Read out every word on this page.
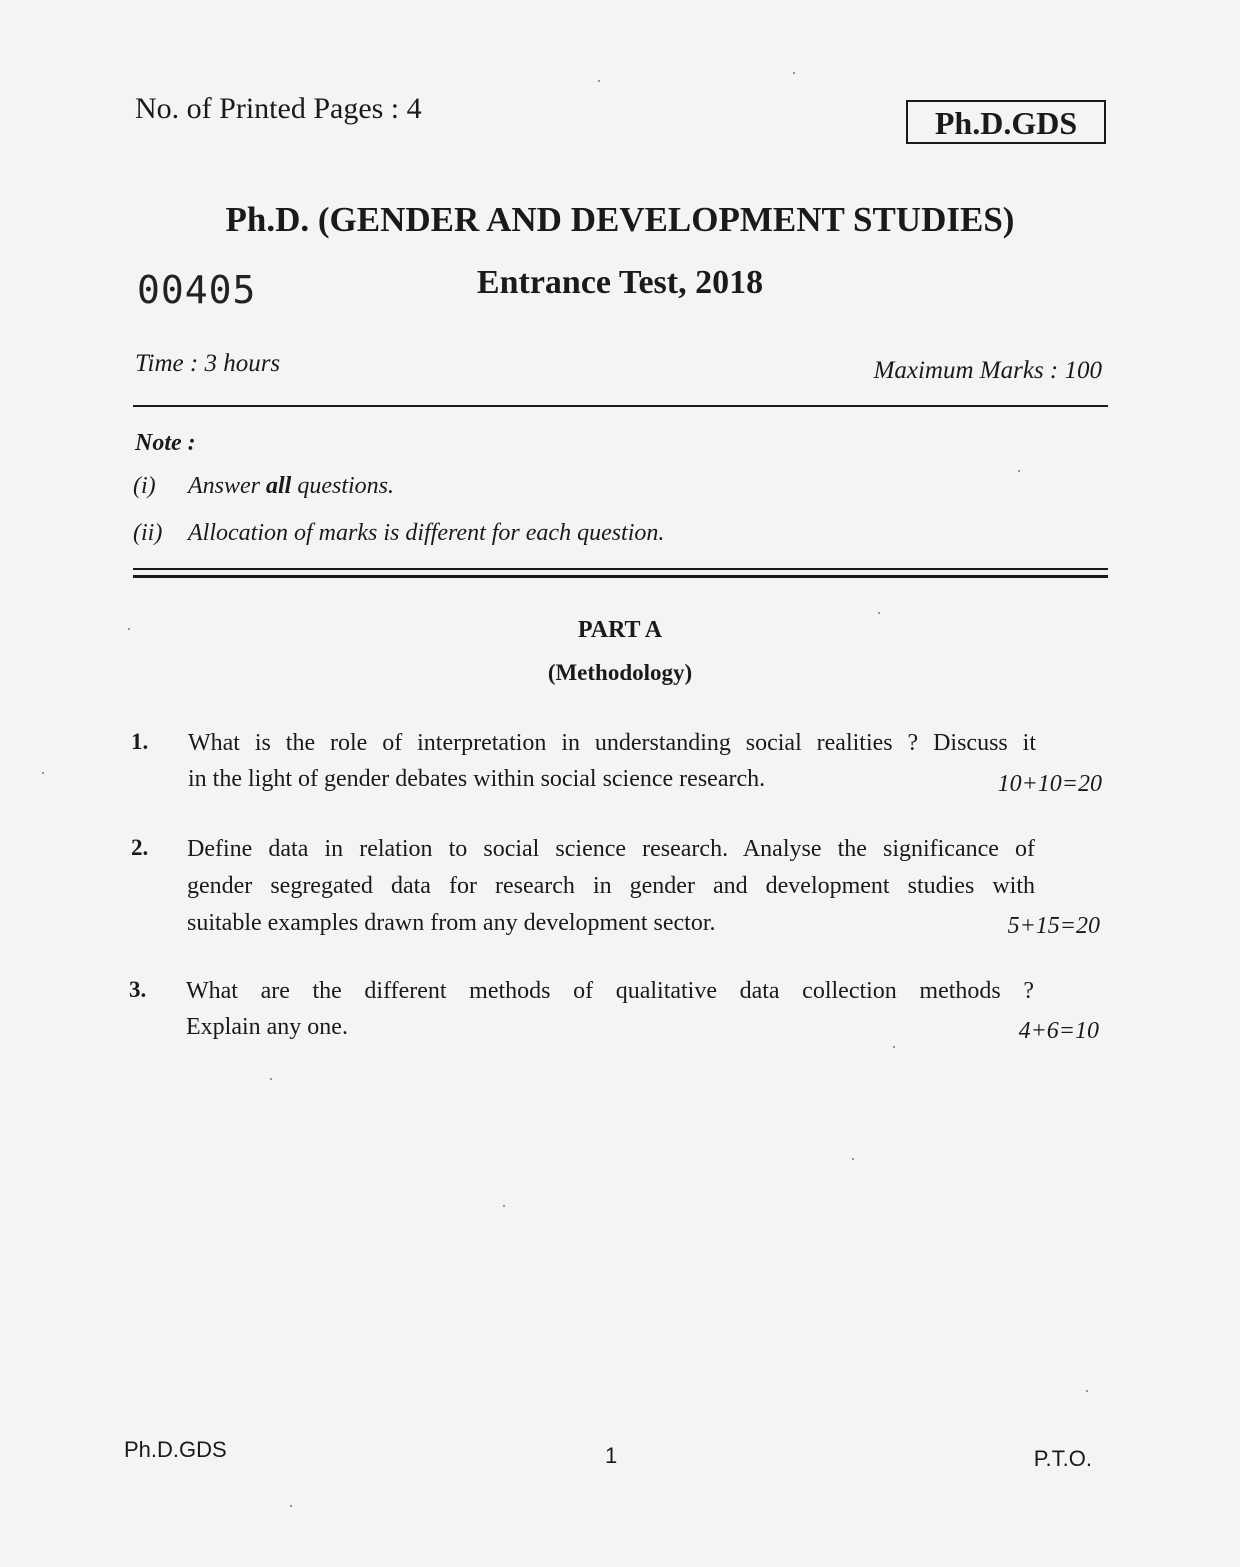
No. of Printed Pages : 4	Ph.D.GDS
Ph.D. (GENDER AND DEVELOPMENT STUDIES)
00405	Entrance Test, 2018
Time : 3 hours	Maximum Marks : 100
Note :
(i) Answer all questions.
(ii) Allocation of marks is different for each question.
PART A
(Methodology)
1. What is the role of interpretation in understanding social realities ? Discuss it
in the light of gender debates within social science research.	10+10=20
2. Define data in relation to social science research. Analyse the significance of
gender segregated data for research in gender and development studies with
suitable examples drawn from any development sector.	5+15=20
3. What are the different methods of qualitative data collection methods ?
Explain any one.	4+6=10
Ph.D.GDS	1	P.T.O.
